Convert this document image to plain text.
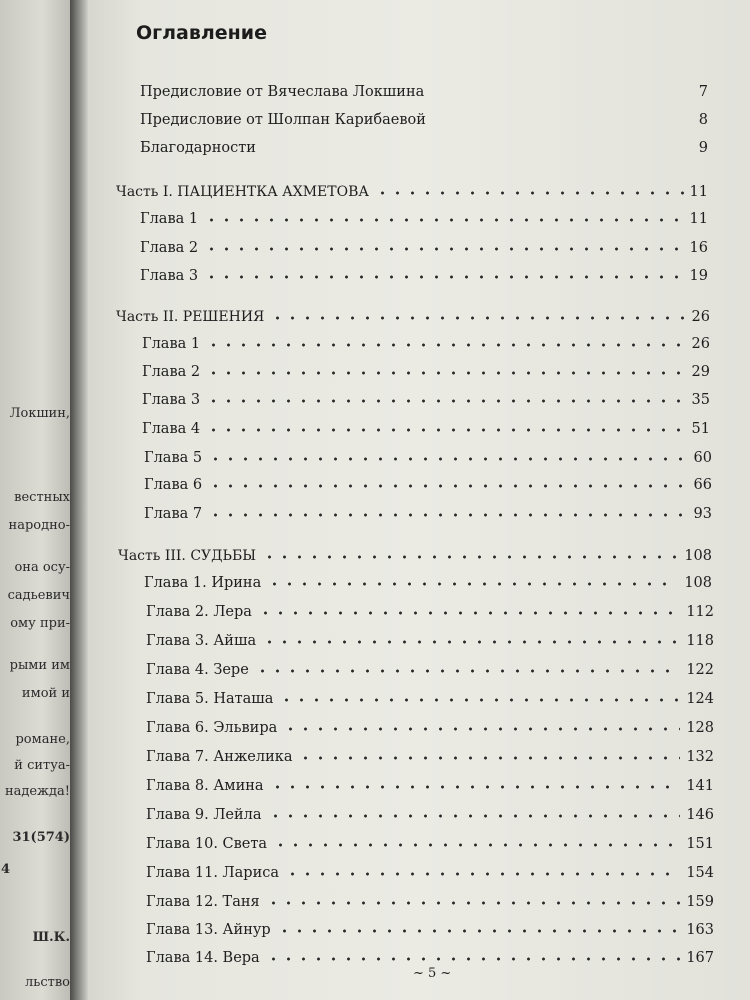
Локшин,
вестных
народно-
она осу-
садьевич
ому при-
рыми им
имой и
романе,
й ситуа-
надежда!
31(574)
4
Ш.К.
льство
Оглавление
Предисловие от Вячеслава Локшина	7
Предисловие от Шолпан Карибаевой	8
Благодарности	9
Часть I. ПАЦИЕНТКА АХМЕТОВА	11
Глава 1	11
Глава 2	16
Глава 3	19
Часть II. РЕШЕНИЯ	26
Глава 1	26
Глава 2	29
Глава 3	35
Глава 4	51
Глава 5	60
Глава 6	66
Глава 7	93
Часть III. СУДЬБЫ	108
Глава 1. Ирина	108
Глава 2. Лера	112
Глава 3. Айша	118
Глава 4. Зере	122
Глава 5. Наташа	124
Глава 6. Эльвира	128
Глава 7. Анжелика	132
Глава 8. Амина	141
Глава 9. Лейла	146
Глава 10. Света	151
Глава 11. Лариса	154
Глава 12. Таня	159
Глава 13. Айнур	163
Глава 14. Вера	167
~ 5 ~
